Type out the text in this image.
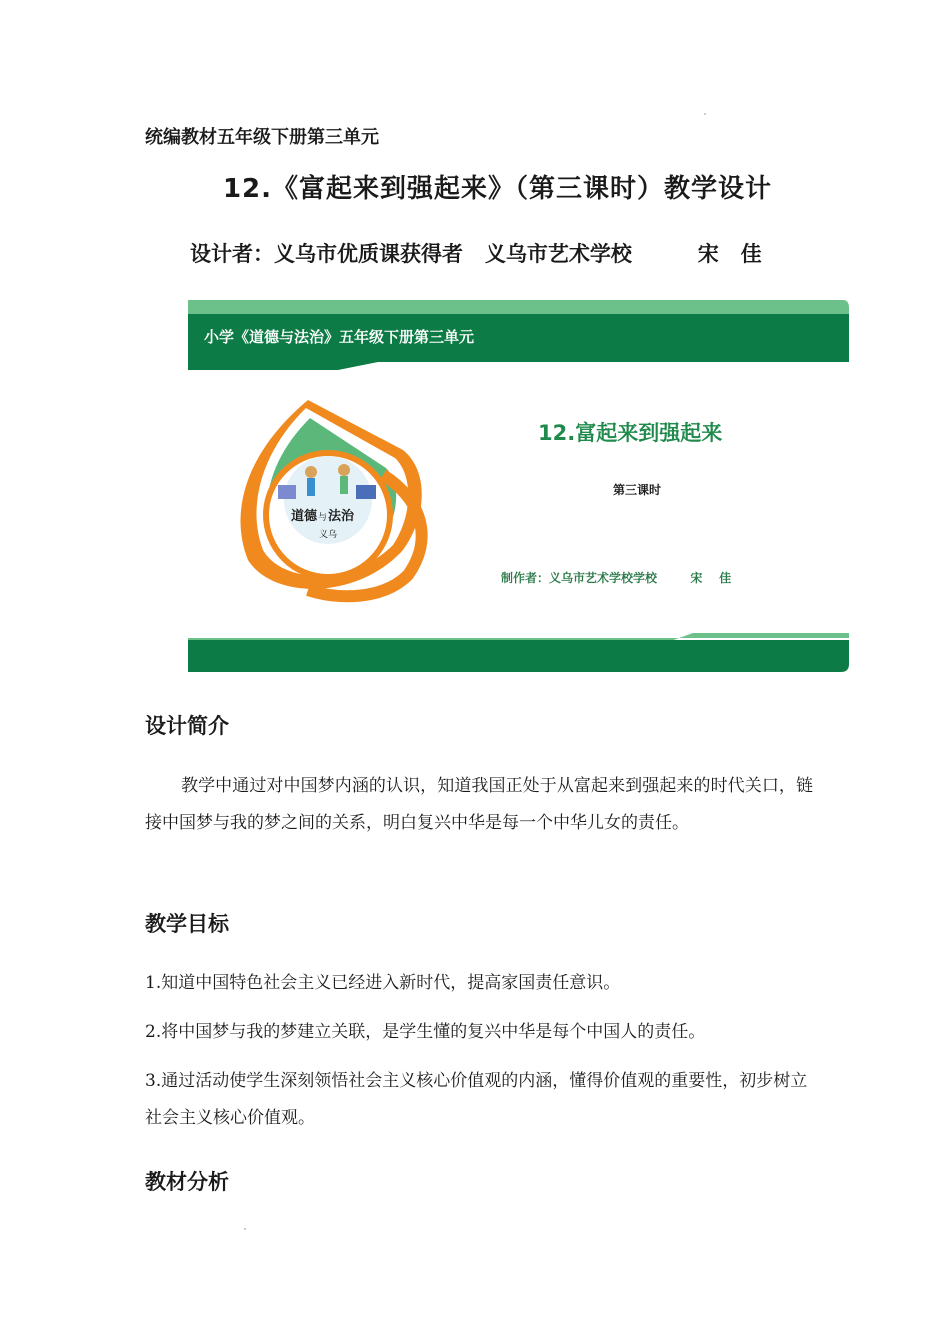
统编教材五年级下册第三单元
12.《富起来到强起来》（第三课时）教学设计
设计者：义乌市优质课获得者   义乌市艺术学校         宋   佳
小学《道德与法治》五年级下册第三单元
道德 与 法治
义乌
12.富起来到强起来
第三课时
制作者：义乌市艺术学校学校        宋    佳
设计简介
教学中通过对中国梦内涵的认识，知道我国正处于从富起来到强起来的时代关口，链接中国梦与我的梦之间的关系，明白复兴中华是每一个中华儿女的责任。
教学目标
1.知道中国特色社会主义已经进入新时代，提高家国责任意识。
2.将中国梦与我的梦建立关联，是学生懂的复兴中华是每个中国人的责任。
3.通过活动使学生深刻领悟社会主义核心价值观的内涵，懂得价值观的重要性，初步树立社会主义核心价值观。
教材分析
